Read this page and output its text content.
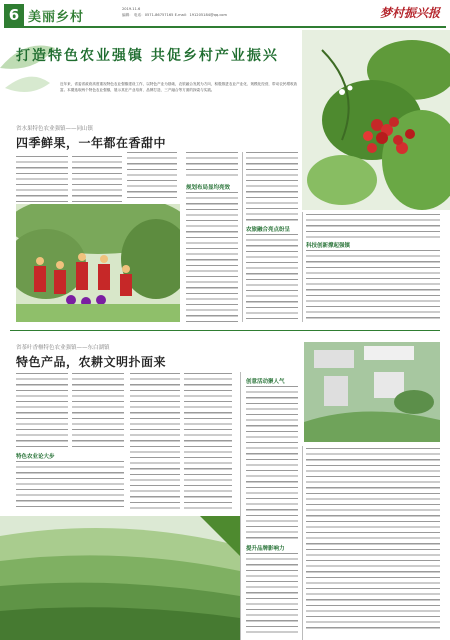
6 美丽乡村
2019.11.6
编辑： 电话：0571-86757165 E-mail：191205184@qq.com	梦村振兴报
打造特色农业强镇 共促乡村产业振兴
近年来，省委省政府高度重视特色农业强镇建设工作，以特色产业为基础，农旅融合发展为方向，积极推进农业产业化、规模化经营，带动农民增收致富。本期选取两个特色农业强镇，展示其在产业培育、品牌打造、三产融合等方面的探索与实践。
省水果特色农业强镇——同山镇
四季鲜果，一年都在香甜中
规划布局显均亮效
农旅融合亮点纷呈
科技创新撑起强镇
省茶叶香榧特色农业强镇——东白湖镇
特色产品，农耕文明扑面来
特色农业论大步
创意活动聚人气
提升品牌影响力
